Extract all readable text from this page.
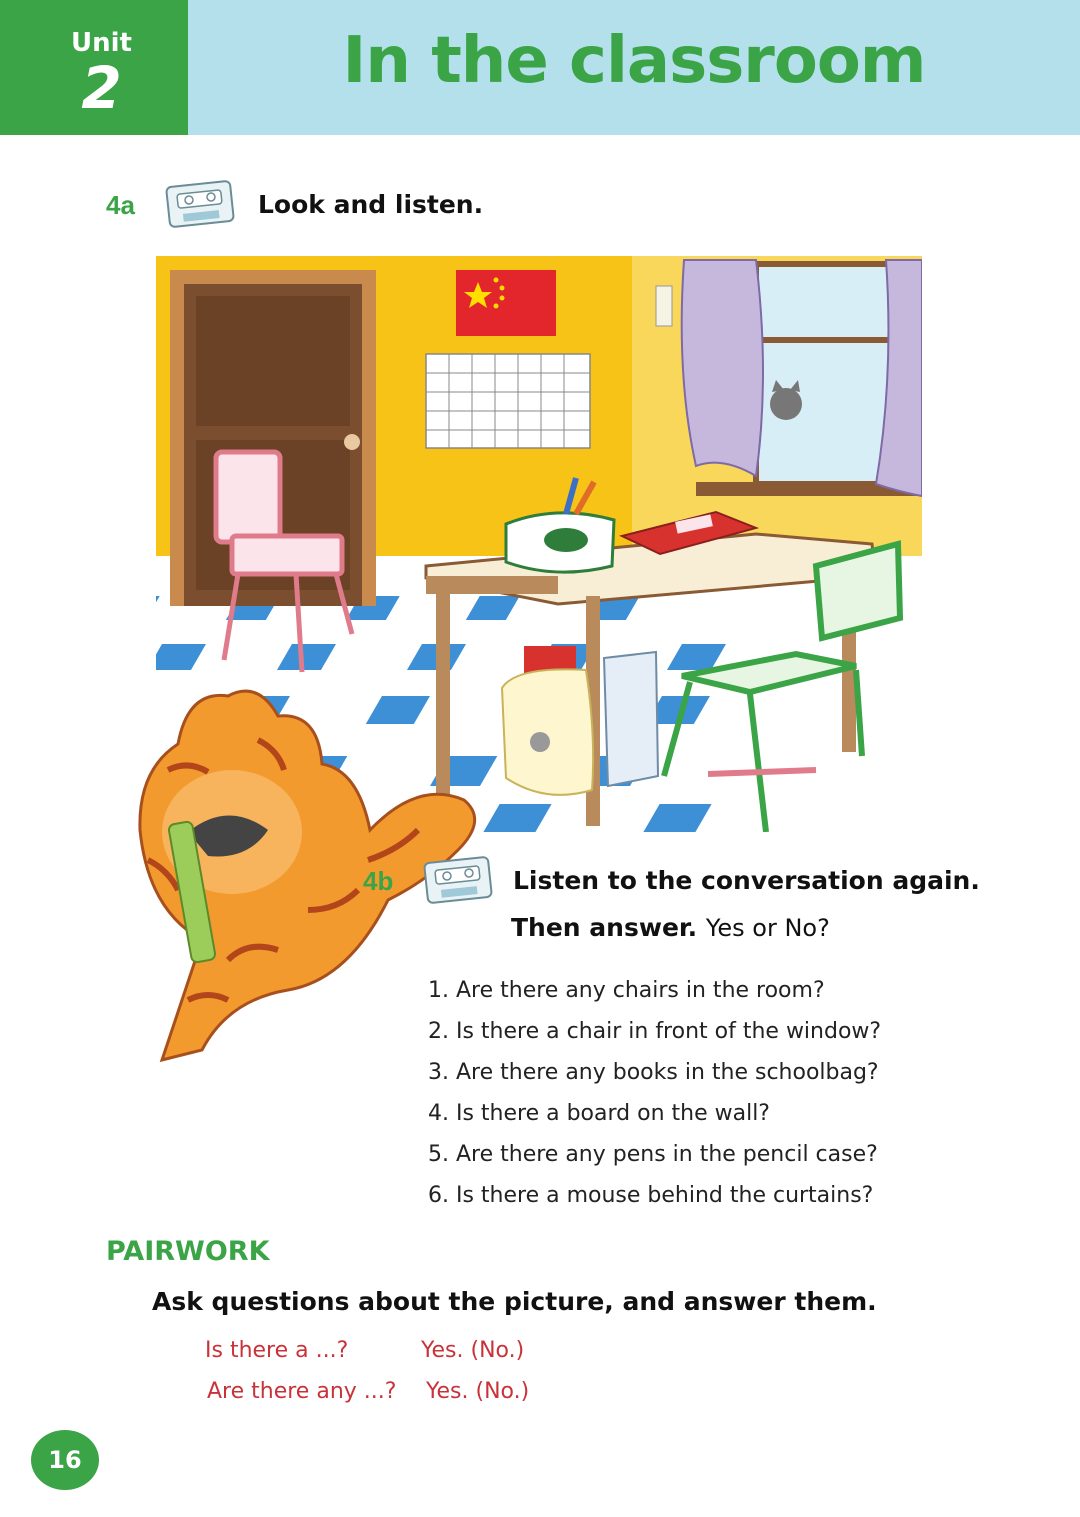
Unit
2	In the classroom
4a	Look and listen.
4b	Listen to the conversation again.
Then answer. Yes or No?
1. Are there any chairs in the room?
2. Is there a chair in front of the window?
3. Are there any books in the schoolbag?
4. Is there a board on the wall?
5. Are there any pens in the pencil case?
6. Is there a mouse behind the curtains?
PAIRWORK
Ask questions about the picture, and answer them.
Is there a ...?	Yes. (No.)
Are there any ...? Yes. (No.)
16
